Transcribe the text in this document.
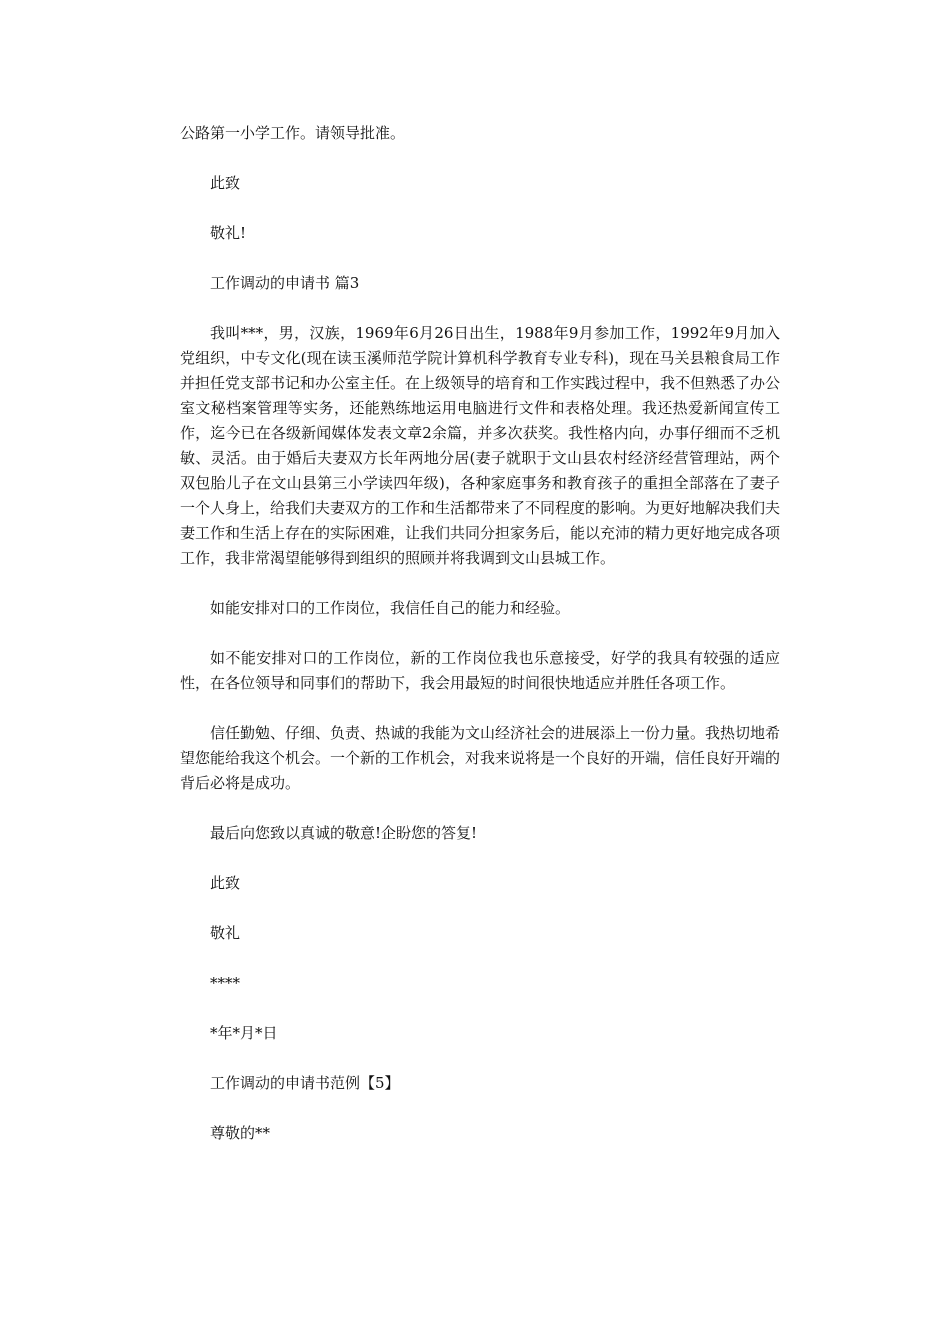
公路第一小学工作。请领导批准。

此致

敬礼!

工作调动的申请书 篇3

我叫***，男，汉族，1969年6月26日出生，1988年9月参加工作，1992年9月加入党组织，中专文化(现在读玉溪师范学院计算机科学教育专业专科)，现在马关县粮食局工作并担任党支部书记和办公室主任。在上级领导的培育和工作实践过程中，我不但熟悉了办公室文秘档案管理等实务，还能熟练地运用电脑进行文件和表格处理。我还热爱新闻宣传工作，迄今已在各级新闻媒体发表文章2余篇，并多次获奖。我性格内向，办事仔细而不乏机敏、灵活。由于婚后夫妻双方长年两地分居(妻子就职于文山县农村经济经营管理站，两个双包胎儿子在文山县第三小学读四年级)，各种家庭事务和教育孩子的重担全部落在了妻子一个人身上，给我们夫妻双方的工作和生活都带来了不同程度的影响。为更好地解决我们夫妻工作和生活上存在的实际困难，让我们共同分担家务后，能以充沛的精力更好地完成各项工作，我非常渴望能够得到组织的照顾并将我调到文山县城工作。

如能安排对口的工作岗位，我信任自己的能力和经验。

如不能安排对口的工作岗位，新的工作岗位我也乐意接受，好学的我具有较强的适应性，在各位领导和同事们的帮助下，我会用最短的时间很快地适应并胜任各项工作。

信任勤勉、仔细、负责、热诚的我能为文山经济社会的进展添上一份力量。我热切地希望您能给我这个机会。一个新的工作机会，对我来说将是一个良好的开端，信任良好开端的背后必将是成功。

最后向您致以真诚的敬意!企盼您的答复!

此致

敬礼

****

*年*月*日

工作调动的申请书范例【5】

尊敬的**
